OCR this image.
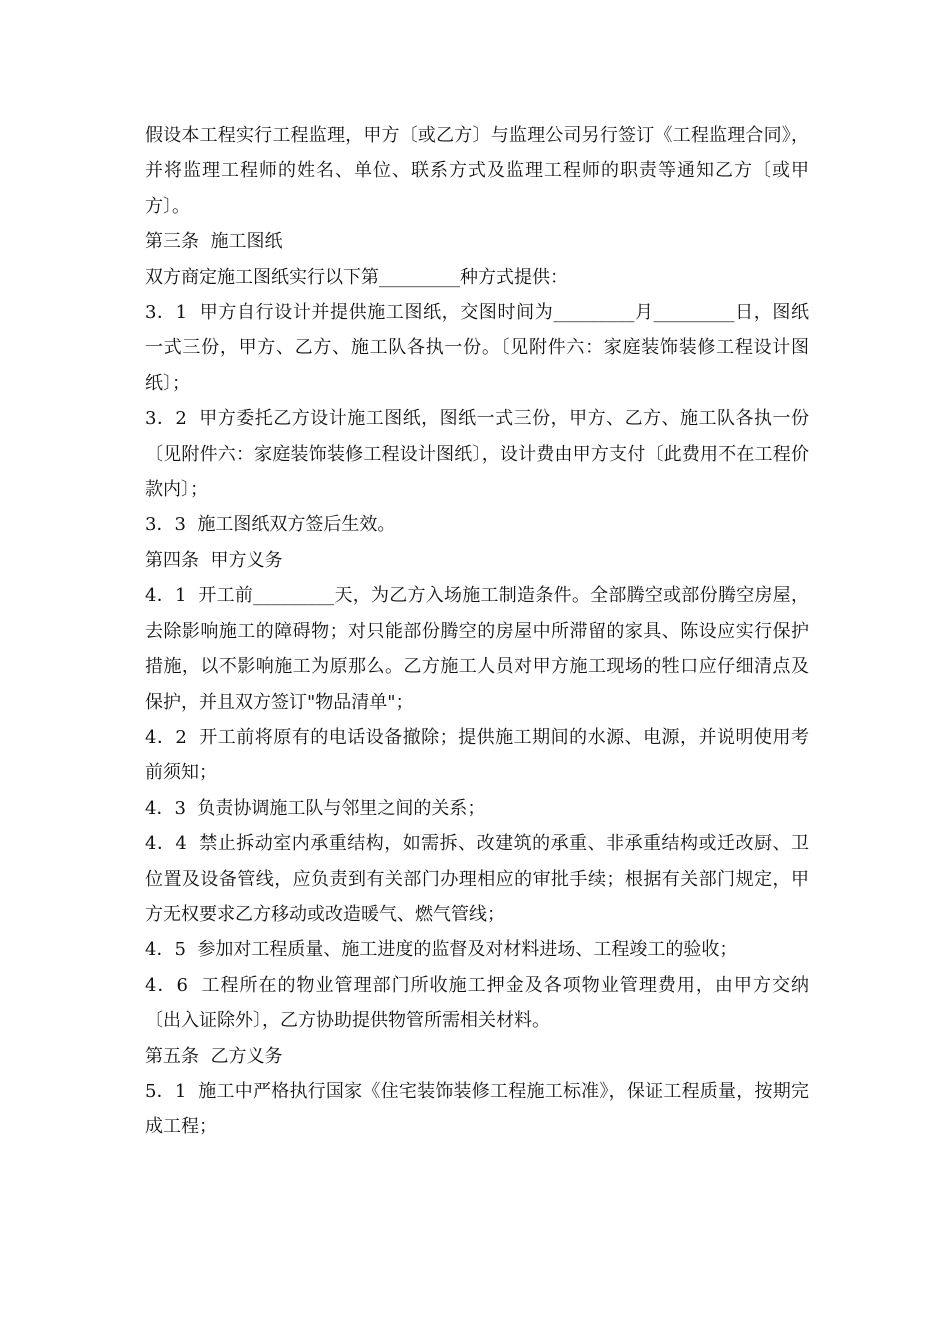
假设本工程实行工程监理，甲方〔或乙方〕与监理公司另行签订《工程监理合同》，并将监理工程师的姓名、单位、联系方式及监理工程师的职责等通知乙方〔或甲方〕。

第三条  施工图纸

双方商定施工图纸实行以下第_________种方式提供：

3．1  甲方自行设计并提供施工图纸，交图时间为_________月_________日，图纸一式三份，甲方、乙方、施工队各执一份。〔见附件六：家庭装饰装修工程设计图纸〕；

3．2  甲方委托乙方设计施工图纸，图纸一式三份，甲方、乙方、施工队各执一份〔见附件六：家庭装饰装修工程设计图纸〕，设计费由甲方支付〔此费用不在工程价款内〕；

3．3  施工图纸双方签后生效。

第四条  甲方义务

4．1  开工前_________天，为乙方入场施工制造条件。全部腾空或部份腾空房屋，去除影响施工的障碍物；对只能部份腾空的房屋中所滞留的家具、陈设应实行保护措施，以不影响施工为原那么。乙方施工人员对甲方施工现场的牲口应仔细清点及保护，并且双方签订"物品清单"；

4．2  开工前将原有的电话设备撤除；提供施工期间的水源、电源，并说明使用考前须知；

4．3  负责协调施工队与邻里之间的关系；

4．4  禁止拆动室内承重结构，如需拆、改建筑的承重、非承重结构或迁改厨、卫位置及设备管线，应负责到有关部门办理相应的审批手续；根据有关部门规定，甲方无权要求乙方移动或改造暖气、燃气管线；

4．5  参加对工程质量、施工进度的监督及对材料进场、工程竣工的验收；

4．6  工程所在的物业管理部门所收施工押金及各项物业管理费用，由甲方交纳〔出入证除外〕，乙方协助提供物管所需相关材料。

第五条  乙方义务

5．1  施工中严格执行国家《住宅装饰装修工程施工标准》，保证工程质量，按期完成工程；
